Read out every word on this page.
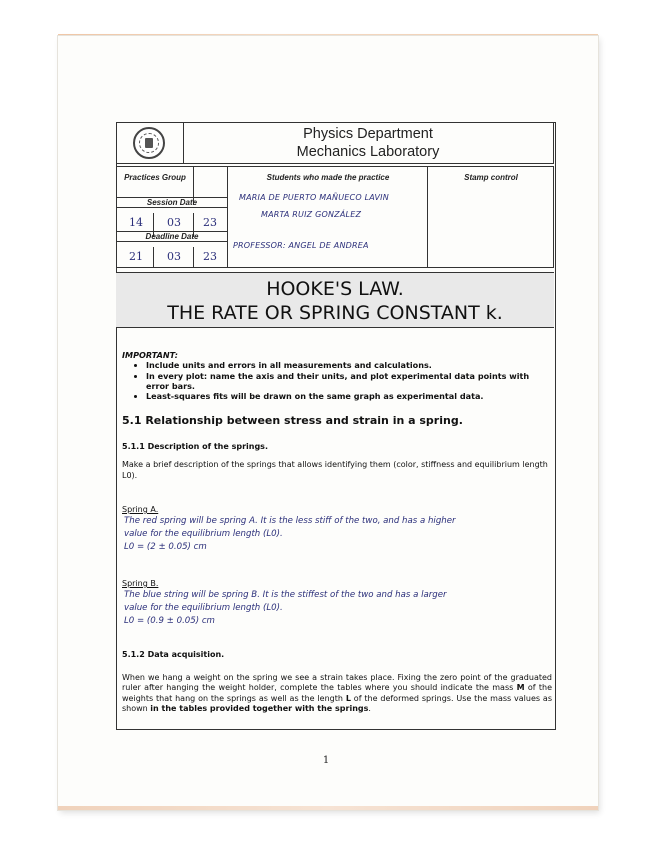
Physics Department
Mechanics Laboratory
Practices Group
Session Date
14 03 23
Deadline Date
21 03 23
Students who made the practice
MARIA DE PUERTO MAÑUECO LAVIN
MARTA RUIZ GONZÁLEZ
PROFESSOR: ANGEL DE ANDREA
Stamp control
HOOKE'S LAW.
THE RATE OR SPRING CONSTANT k.
IMPORTANT:
• Include units and errors in all measurements and calculations.
• In every plot: name the axis and their units, and plot experimental data points with error bars.
• Least-squares fits will be drawn on the same graph as experimental data.
5.1 Relationship between stress and strain in a spring.
5.1.1 Description of the springs.
Make a brief description of the springs that allows identifying them (color, stiffness and equilibrium length L0).
Spring A.
The red spring will be spring A. It is the less stiff of the two, and has a higher
value for the equilibrium length (L0).
L0 = (2 ± 0.05) cm
Spring B.
The blue string will be spring B. It is the stiffest of the two and has a larger
value for the equilibrium length (L0).
L0 = (0.9 ± 0.05) cm
5.1.2 Data acquisition.
When we hang a weight on the spring we see a strain takes place. Fixing the zero point of the graduated ruler after hanging the weight holder, complete the tables where you should indicate the mass M of the weights that hang on the springs as well as the length L of the deformed springs. Use the mass values as shown in the tables provided together with the springs.
1
